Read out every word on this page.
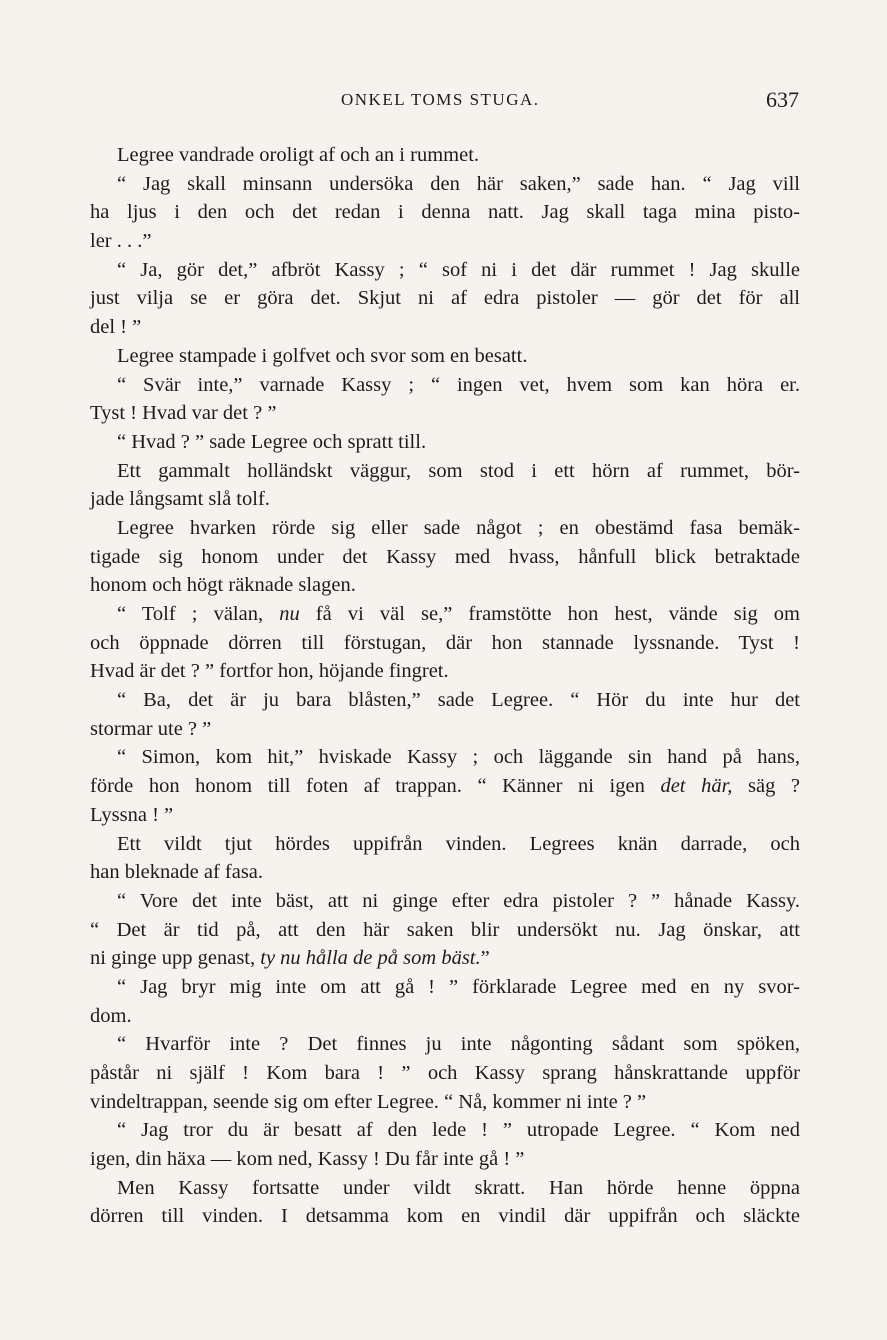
ONKEL TOMS STUGA.	637
Legree vandrade oroligt af och an i rummet.
“ Jag skall minsann undersöka den här saken,” sade han. “ Jag vill
ha ljus i den och det redan i denna natt. Jag skall taga mina pisto-
ler . . .”
“ Ja, gör det,” afbröt Kassy ; “ sof ni i det där rummet ! Jag skulle
just vilja se er göra det. Skjut ni af edra pistoler — gör det för all
del ! ”
Legree stampade i golfvet och svor som en besatt.
“ Svär inte,” varnade Kassy ; “ ingen vet, hvem som kan höra er.
Tyst ! Hvad var det ? ”
“ Hvad ? ” sade Legree och spratt till.
Ett gammalt holländskt väggur, som stod i ett hörn af rummet, bör-
jade långsamt slå tolf.
Legree hvarken rörde sig eller sade något ; en obestämd fasa bemäk-
tigade sig honom under det Kassy med hvass, hånfull blick betraktade
honom och högt räknade slagen.
“ Tolf ; välan, nu få vi väl se,” framstötte hon hest, vände sig om
och öppnade dörren till förstugan, där hon stannade lyssnande. Tyst !
Hvad är det ? ” fortfor hon, höjande fingret.
“ Ba, det är ju bara blåsten,” sade Legree. “ Hör du inte hur det
stormar ute ? ”
“ Simon, kom hit,” hviskade Kassy ; och läggande sin hand på hans,
förde hon honom till foten af trappan. “ Känner ni igen det här, säg ?
Lyssna ! ”
Ett vildt tjut hördes uppifrån vinden. Legrees knän darrade, och
han bleknade af fasa.
“ Vore det inte bäst, att ni ginge efter edra pistoler ? ” hånade Kassy.
“ Det är tid på, att den här saken blir undersökt nu. Jag önskar, att
ni ginge upp genast, ty nu hålla de på som bäst.”
“ Jag bryr mig inte om att gå ! ” förklarade Legree med en ny svor-
dom.
“ Hvarför inte ? Det finnes ju inte någonting sådant som spöken,
påstår ni själf ! Kom bara ! ” och Kassy sprang hånskrattande uppför
vindeltrappan, seende sig om efter Legree. “ Nå, kommer ni inte ? ”
“ Jag tror du är besatt af den lede ! ” utropade Legree. “ Kom ned
igen, din häxa — kom ned, Kassy ! Du får inte gå ! ”
Men Kassy fortsatte under vildt skratt. Han hörde henne öppna
dörren till vinden. I detsamma kom en vindil där uppifrån och släckte
